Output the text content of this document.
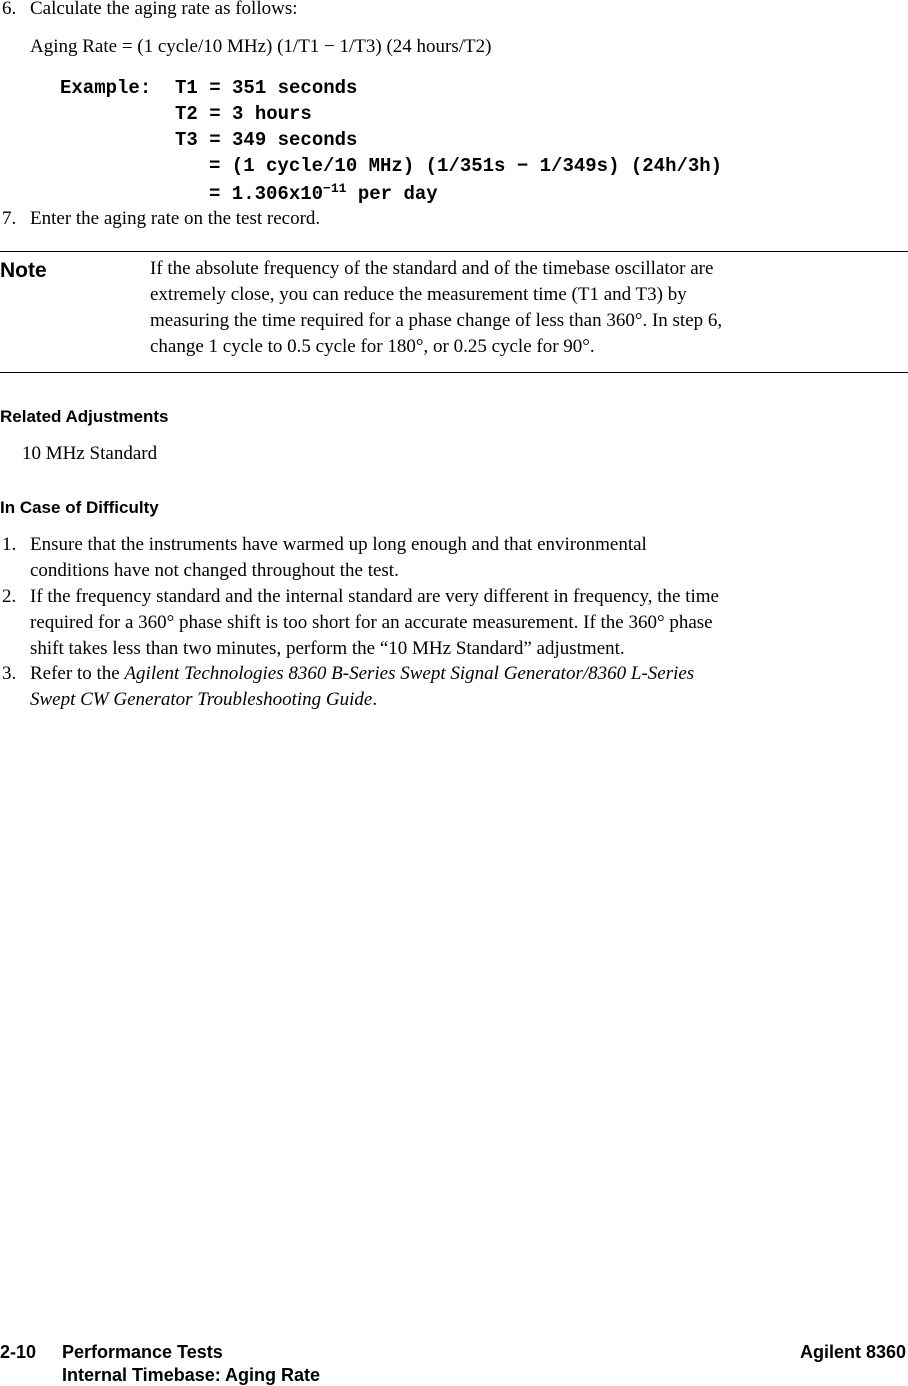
6. Calculate the aging rate as follows:
Aging Rate = (1 cycle/10 MHz) (1/T1 − 1/T3) (24 hours/T2)
Example: T1 = 351 seconds
T2 = 3 hours
T3 = 349 seconds
= (1 cycle/10 MHz) (1/351s − 1/349s) (24h/3h)
= $1.306x10^{-11}$ per day
7. Enter the aging rate on the test record.
Note	If the absolute frequency of the standard and of the timebase oscillator are
extremely close, you can reduce the measurement time (T1 and T3) by
measuring the time required for a phase change of less than 360°. In step 6,
change 1 cycle to 0.5 cycle for 180°, or 0.25 cycle for 90°.
Related Adjustments
10 MHz Standard
In Case of Difficulty
1. Ensure that the instruments have warmed up long enough and that environmental
conditions have not changed throughout the test.
2. If the frequency standard and the internal standard are very different in frequency, the time
required for a 360° phase shift is too short for an accurate measurement. If the 360° phase
shift takes less than two minutes, perform the “10 MHz Standard” adjustment.
3. Refer to the Agilent Technologies 8360 B-Series Swept Signal Generator/8360 L-Series
Swept CW Generator Troubleshooting Guide.
2-10 Performance Tests
Internal Timebase: Aging Rate
Agilent 8360
